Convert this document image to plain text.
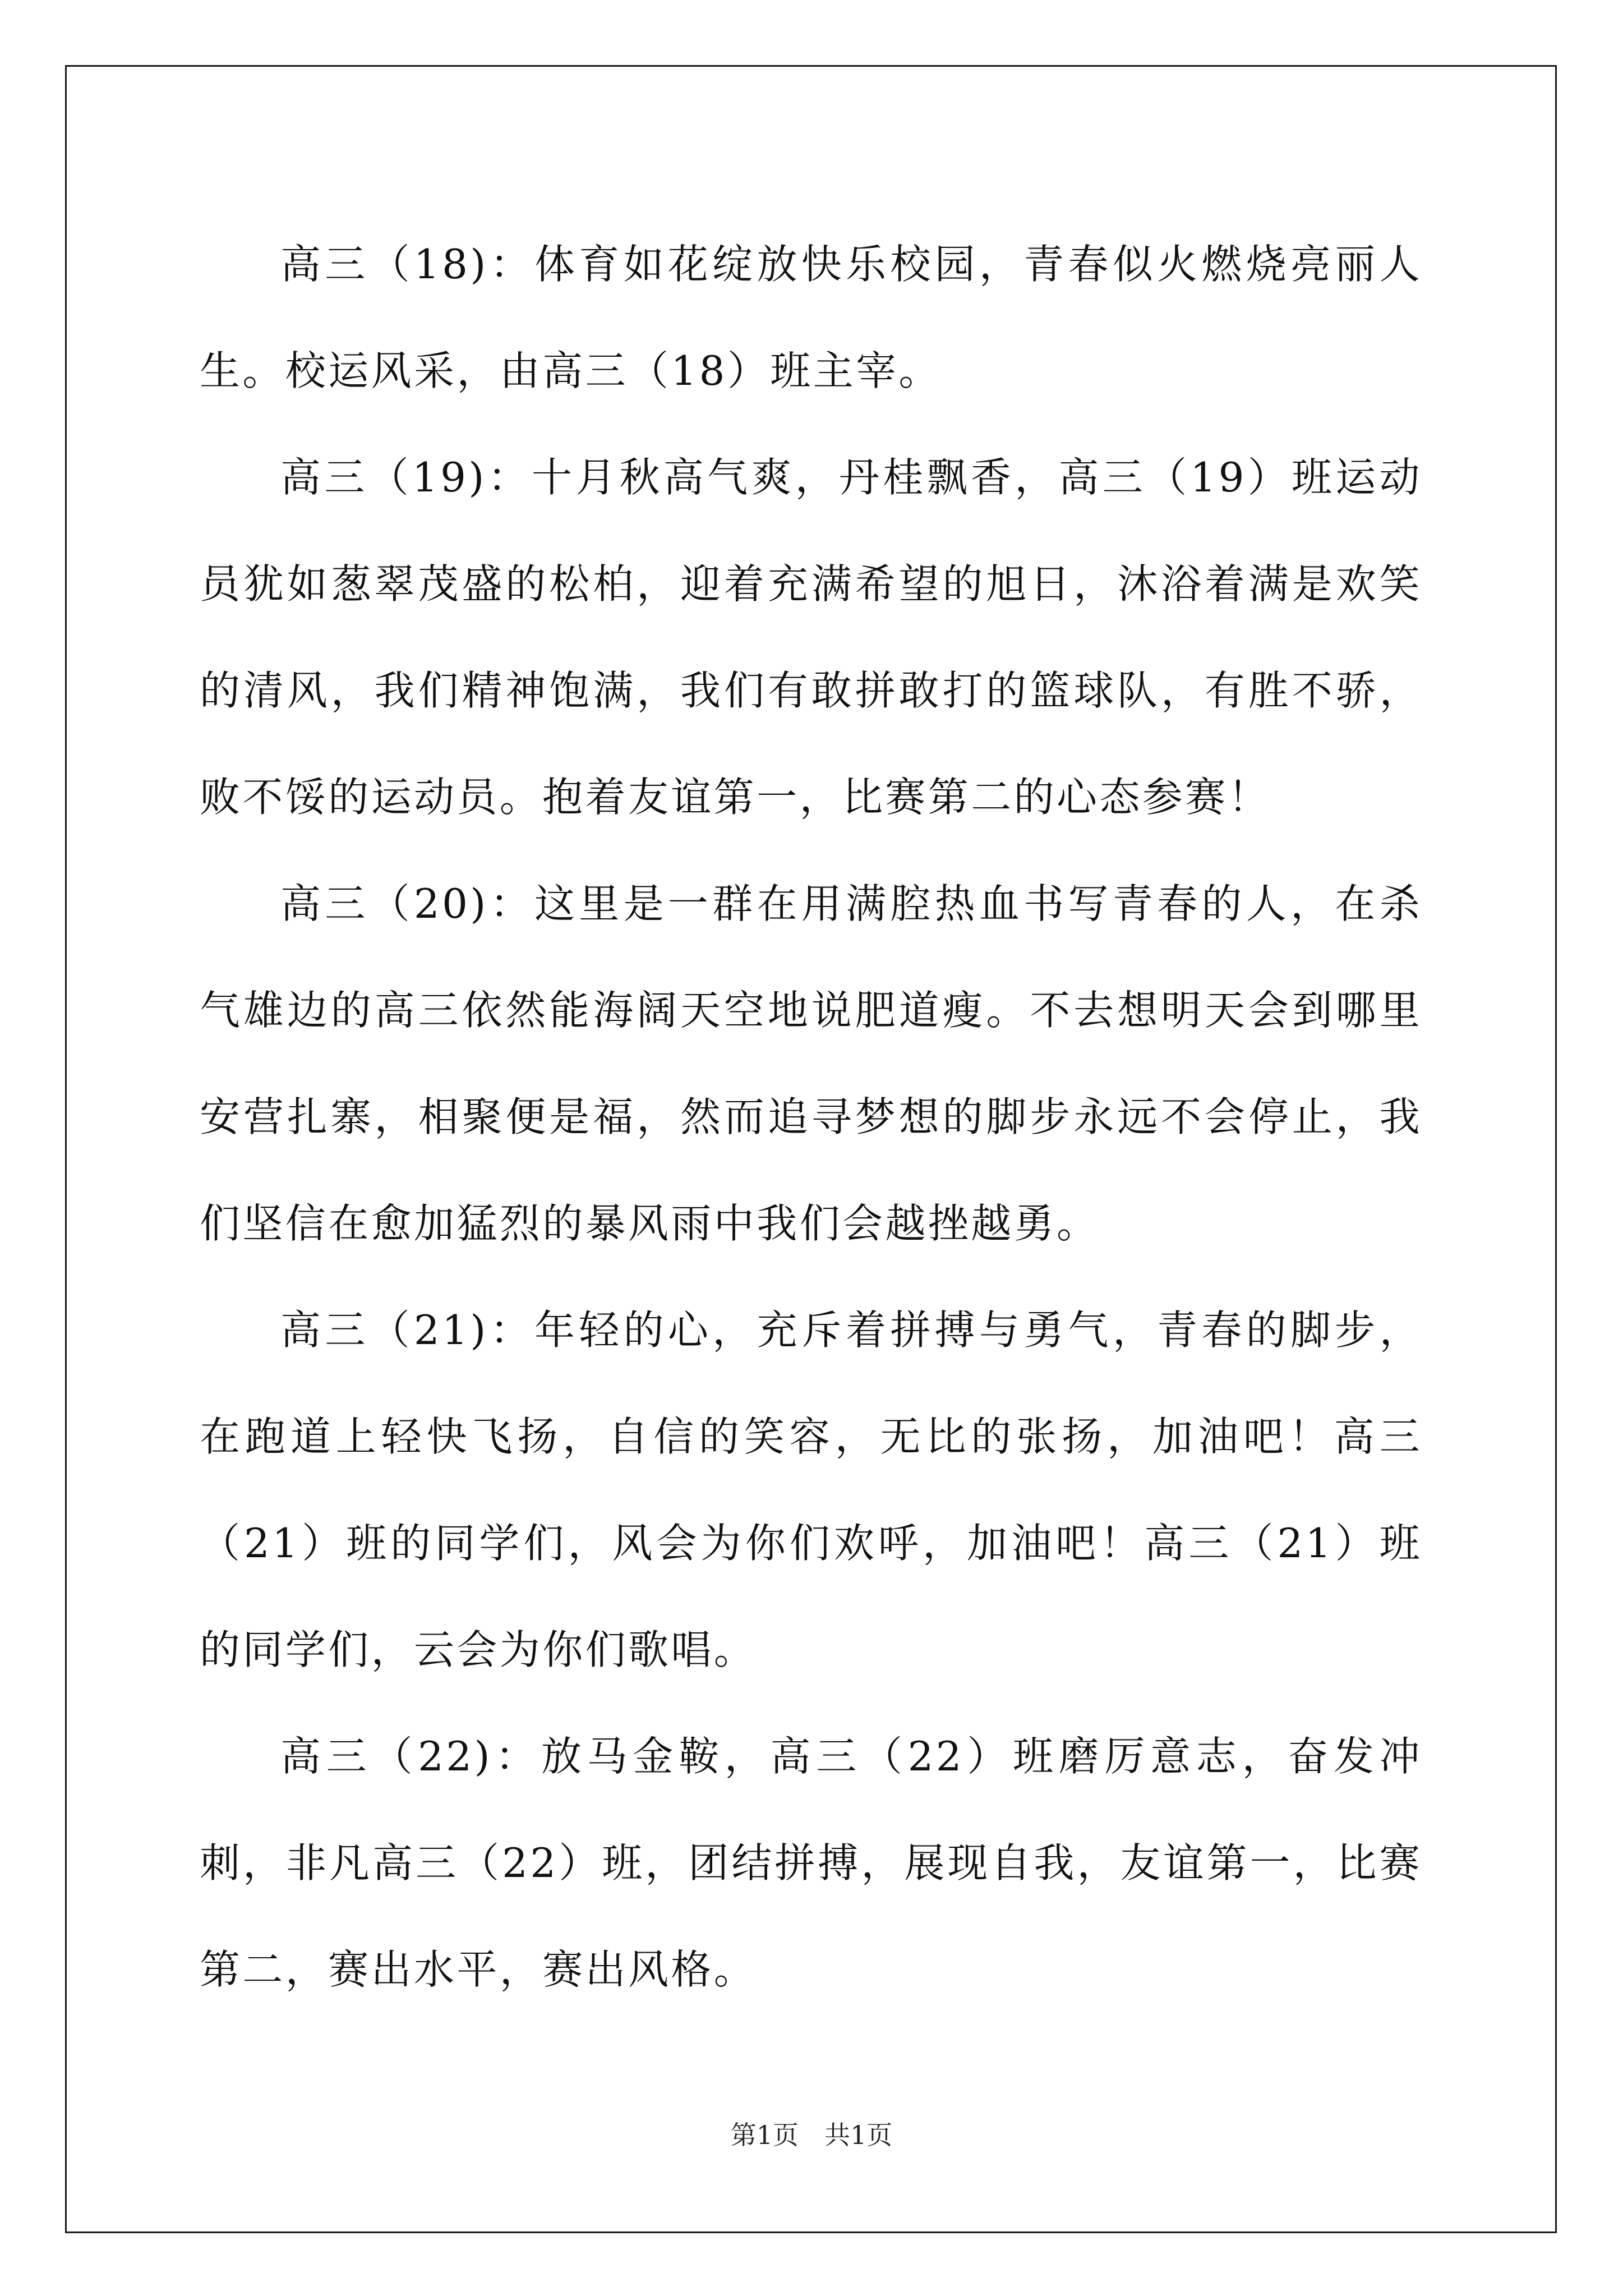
高三（18)：体育如花绽放快乐校园，青春似火燃烧亮丽人生。校运风采，由高三（18）班主宰。

高三（19)：十月秋高气爽，丹桂飘香，高三（19）班运动员犹如葱翠茂盛的松柏，迎着充满希望的旭日，沐浴着满是欢笑的清风，我们精神饱满，我们有敢拼敢打的篮球队，有胜不骄，败不馁的运动员。抱着友谊第一，比赛第二的心态参赛！

高三（20)：这里是一群在用满腔热血书写青春的人，在杀气雄边的高三依然能海阔天空地说肥道瘦。不去想明天会到哪里安营扎寨，相聚便是福，然而追寻梦想的脚步永远不会停止，我们坚信在愈加猛烈的暴风雨中我们会越挫越勇。

高三（21)：年轻的心，充斥着拼搏与勇气，青春的脚步，在跑道上轻快飞扬，自信的笑容，无比的张扬，加油吧！高三（21）班的同学们，风会为你们欢呼，加油吧！高三（21）班的同学们，云会为你们歌唱。

高三（22)：放马金鞍，高三（22）班磨厉意志，奋发冲刺，非凡高三（22）班，团结拼搏，展现自我，友谊第一，比赛第二，赛出水平，赛出风格。

第1页 共1页
